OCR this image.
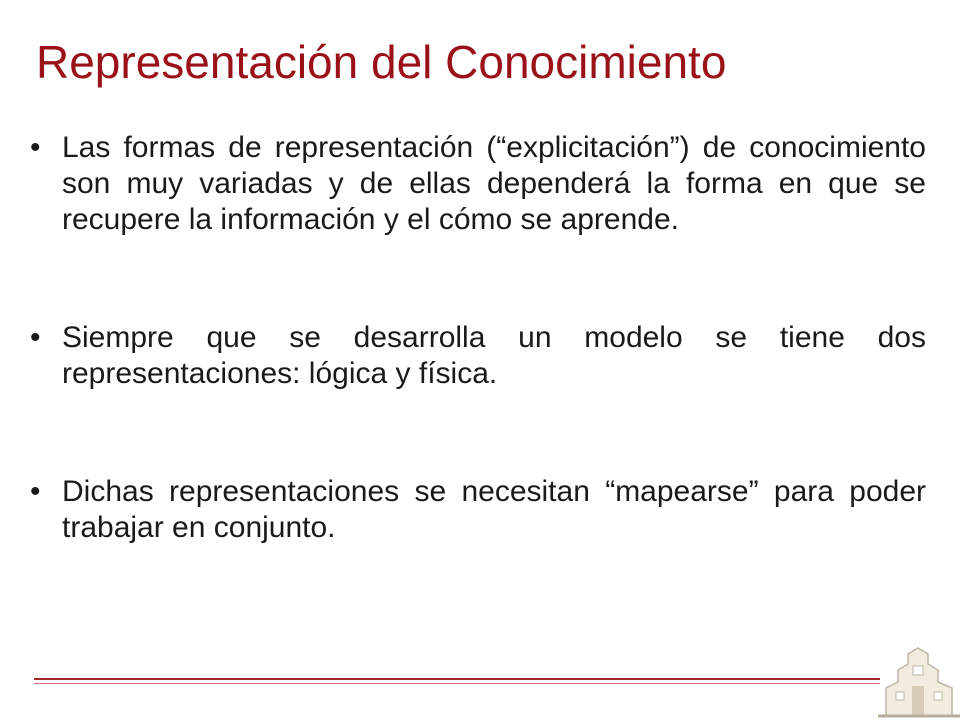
Representación del Conocimiento
• Las formas de representación (“explicitación”) de conocimiento son muy variadas y de ellas dependerá la forma en que se recupere la información y el cómo se aprende.
• Siempre que se desarrolla un modelo se tiene dos representaciones: lógica y física.
• Dichas representaciones se necesitan “mapearse” para poder trabajar en conjunto.
